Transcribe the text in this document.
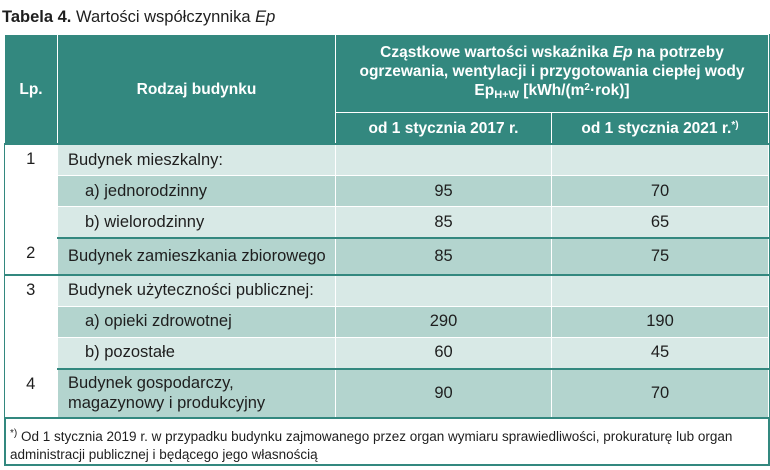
Tabela 4. Wartości współczynnika Ep
Lp.	Rodzaj budynku	Cząstkowe wartości wskaźnika Ep na potrzeby
ogrzewania, wentylacji i przygotowania ciepłej wody
$Ep_{H+W}$ $[kWh/(m^2\cdot rok)]$	
		od 1 stycznia 2017 r.	od 1 stycznia 2021 r.*)
1	Budynek mieszkalny:		
	a) jednorodzinny	95	70
	b) wielorodzinny	85	65
2	Budynek zamieszkania zbiorowego	85	75
3	Budynek użyteczności publicznej:		
	a) opieki zdrowotnej	290	190
	b) pozostałe	60	45
4	Budynek gospodarczy,
magazynowy i produkcyjny	90	70
*) Od 1 stycznia 2019 r. w przypadku budynku zajmowanego przez organ wymiaru sprawiedliwości, prokuraturę lub organ administracji publicznej i będącego jego własnością
